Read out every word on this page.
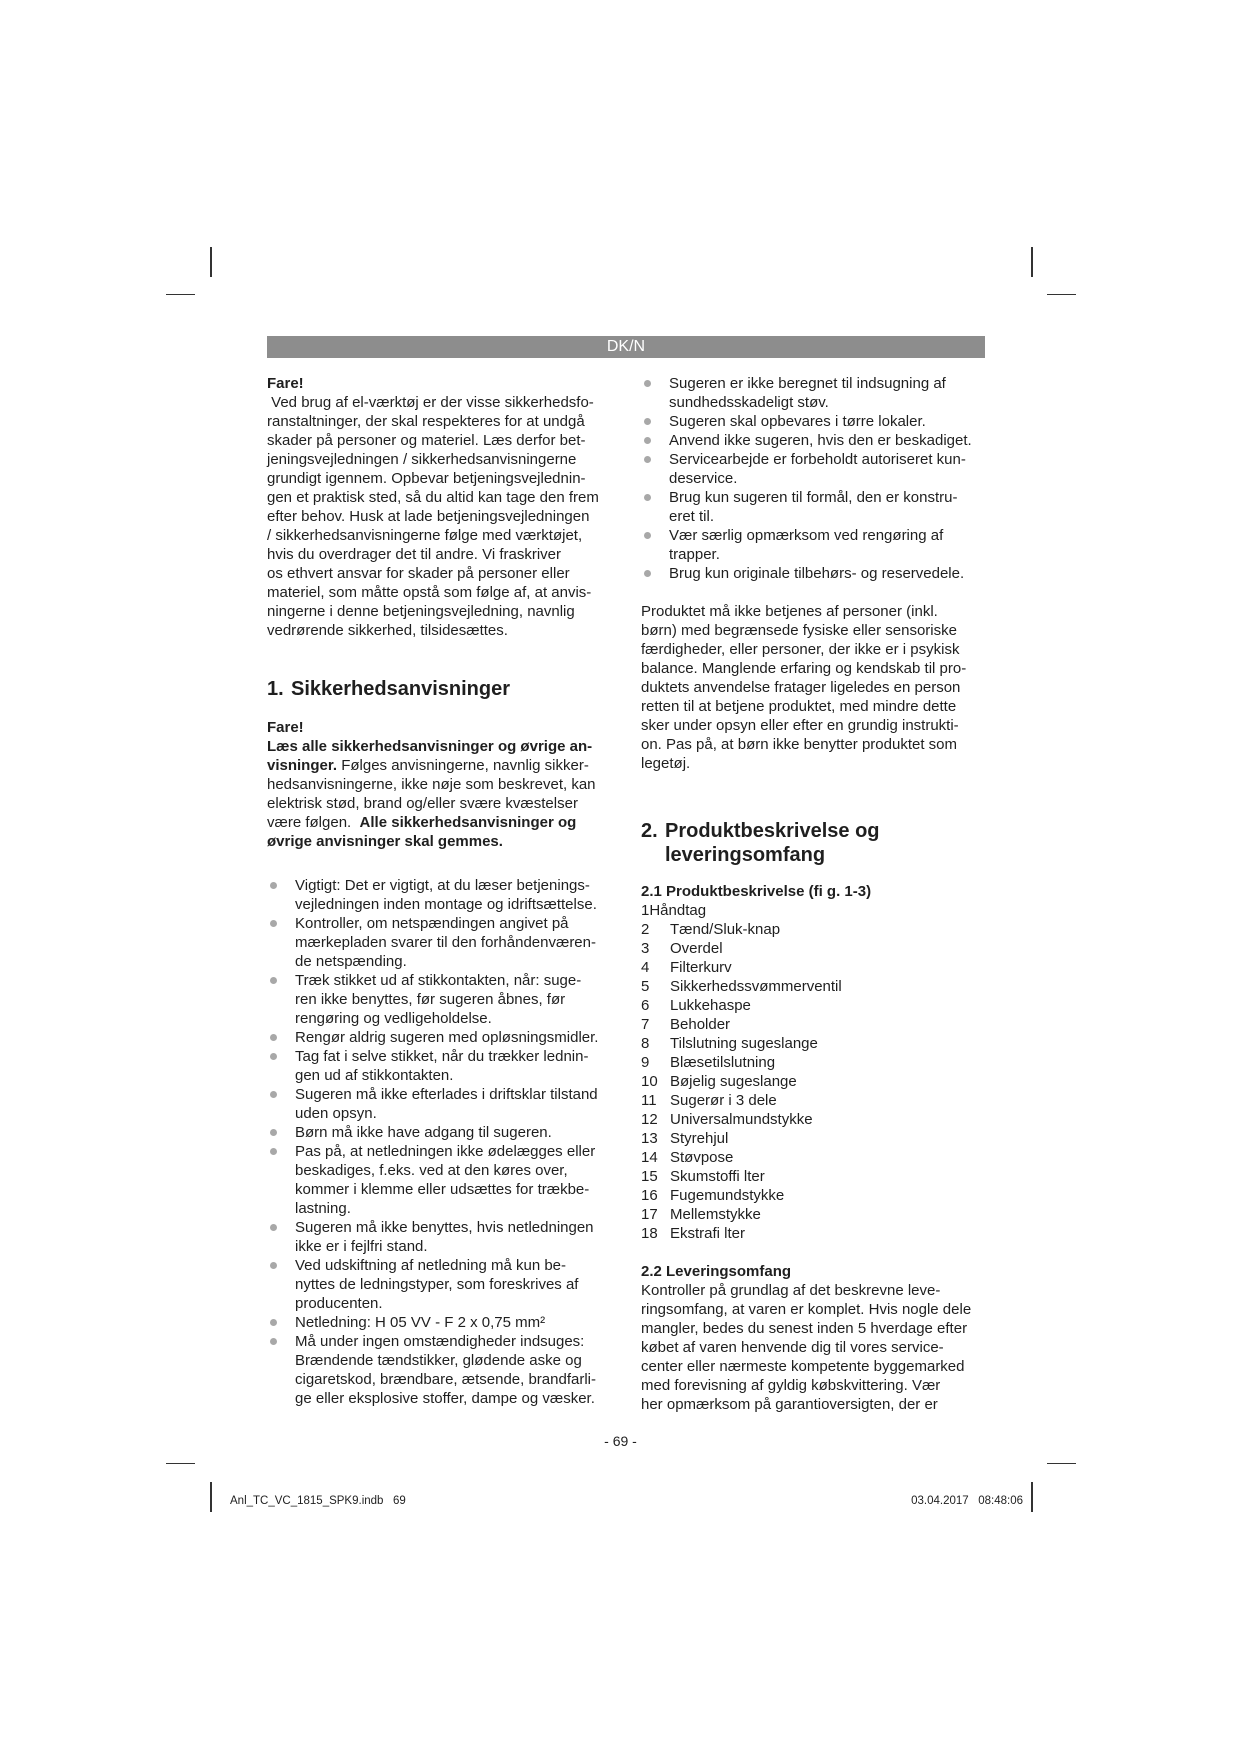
DK/N

Fare!

Ved brug af el-værktøj er der visse sikkerhedsfo-

ranstaltninger, der skal respekteres for at undgå

skader på personer og materiel. Læs derfor bet-

jeningsvejledningen / sikkerhedsanvisningerne

grundigt igennem. Opbevar betjeningsvejlednin-

gen et praktisk sted, så du altid kan tage den frem

efter behov. Husk at lade betjeningsvejledningen

/ sikkerhedsanvisningerne følge med værktøjet,

hvis du overdrager det til andre. Vi fraskriver

os ethvert ansvar for skader på personer eller

materiel, som måtte opstå som følge af, at anvis-

ningerne i denne betjeningsvejledning, navnlig

vedrørende sikkerhed, tilsidesættes.

1. Sikkerhedsanvisninger

Fare!

Læs alle sikkerhedsanvisninger og øvrige an-

visninger. Følges anvisningerne, navnlig sikker-

hedsanvisningerne, ikke nøje som beskrevet, kan

elektrisk stød, brand og/eller svære kvæstelser

være følgen.  Alle sikkerhedsanvisninger og

øvrige anvisninger skal gemmes.

Vigtigt: Det er vigtigt, at du læser betjenings-
vejledningen inden montage og idriftsættelse.
Kontroller, om netspændingen angivet på
mærkepladen svarer til den forhåndenværen-
de netspænding.
Træk stikket ud af stikkontakten, når: suge-
ren ikke benyttes, før sugeren åbnes, før
rengøring og vedligeholdelse.
Rengør aldrig sugeren med opløsningsmidler.
Tag fat i selve stikket, når du trækker lednin-
gen ud af stikkontakten.
Sugeren må ikke efterlades i driftsklar tilstand
uden opsyn.
Børn må ikke have adgang til sugeren.
Pas på, at netledningen ikke ødelægges eller
beskadiges, f.eks. ved at den køres over,
kommer i klemme eller udsættes for trækbe-
lastning.
Sugeren må ikke benyttes, hvis netledningen
ikke er i fejlfri stand.
Ved udskiftning af netledning må kun be-
nyttes de ledningstyper, som foreskrives af
producenten.
Netledning: H 05 VV - F 2 x 0,75 mm²
Må under ingen omstændigheder indsuges:
Brændende tændstikker, glødende aske og
cigaretskod, brændbare, ætsende, brandfarli-
ge eller eksplosive stoffer, dampe og væsker.
Sugeren er ikke beregnet til indsugning af
sundhedsskadeligt støv.
Sugeren skal opbevares i tørre lokaler.
Anvend ikke sugeren, hvis den er beskadiget.
Servicearbejde er forbeholdt autoriseret kun-
deservice.
Brug kun sugeren til formål, den er konstru-
eret til.
Vær særlig opmærksom ved rengøring af
trapper.
Brug kun originale tilbehørs- og reservedele.

Produktet må ikke betjenes af personer (inkl.

børn) med begrænsede fysiske eller sensoriske

færdigheder, eller personer, der ikke er i psykisk

balance. Manglende erfaring og kendskab til pro-

duktets anvendelse fratager ligeledes en person

retten til at betjene produktet, med mindre dette

sker under opsyn eller efter en grundig instrukti-

on. Pas på, at børn ikke benytter produktet som

legetøj.

2. Produktbeskrivelse og
leveringsomfang

2.1 Produktbeskrivelse (fi g. 1-3)

1 Håndtag
2	Tænd/Sluk-knap
3	Overdel
4	Filterkurv
5	Sikkerhedssvømmerventil
6	Lukkehaspe
7	Beholder
8	Tilslutning sugeslange
9	Blæsetilslutning
10 Bøjelig sugeslange
11 Sugerør i 3 dele
12 Universalmundstykke
13 Styrehjul
14 Støvpose
15 Skumstoffi lter
16 Fugemundstykke
17 Mellemstykke
18 Ekstrafi lter

2.2 Leveringsomfang

Kontroller på grundlag af det beskrevne leve-

ringsomfang, at varen er komplet. Hvis nogle dele

mangler, bedes du senest inden 5 hverdage efter

købet af varen henvende dig til vores service-

center eller nærmeste kompetente byggemarked

med forevisning af gyldig købskvittering. Vær

her opmærksom på garantioversigten, der er

- 69 -
Anl_TC_VC_1815_SPK9.indb   69	03.04.2017   08:48:06
